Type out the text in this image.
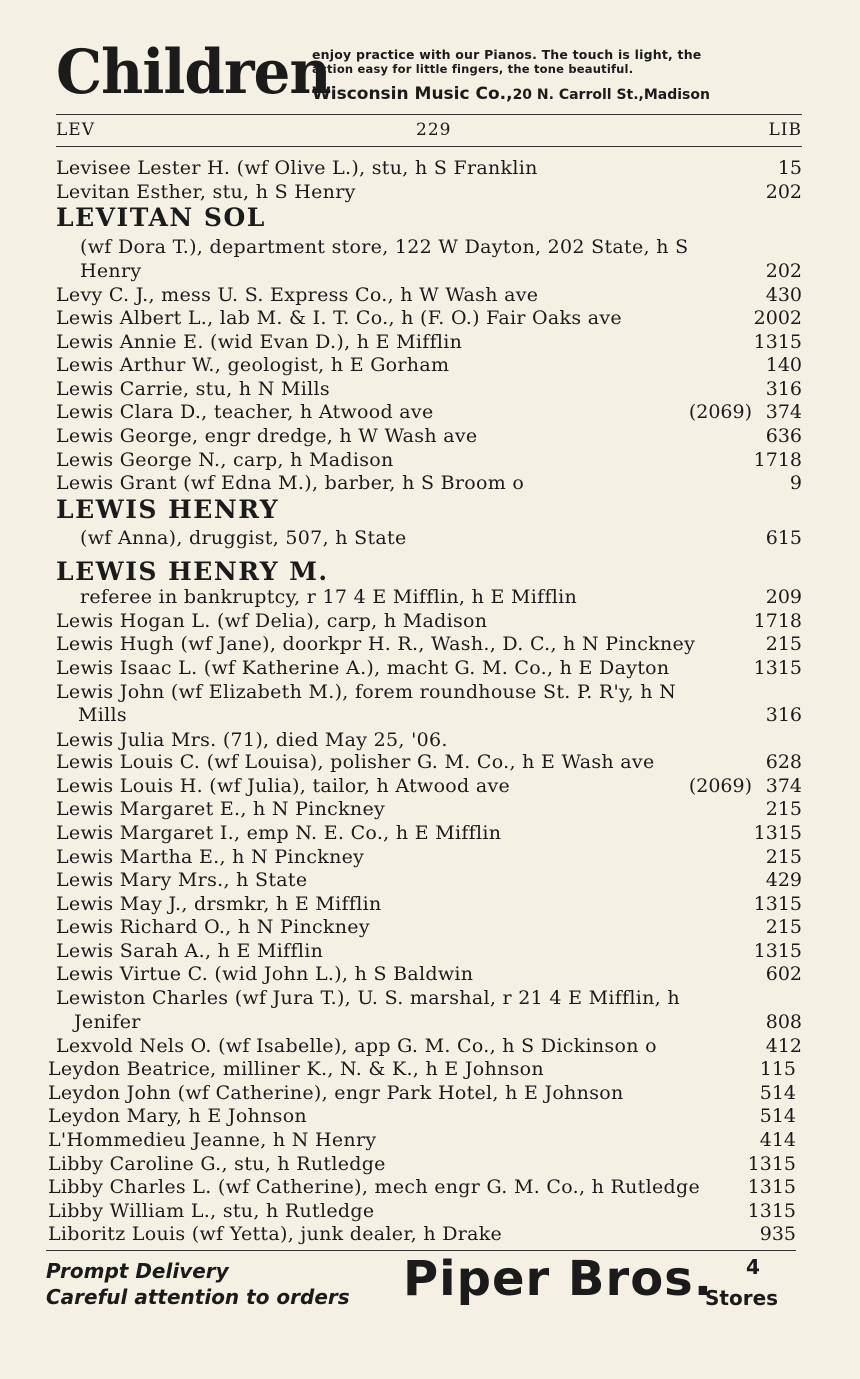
Children
enjoy practice with our Pianos. The touch is light, the
action easy for little fingers, the tone beautiful.
Wisconsin Music Co.,20 N. Carroll St.,Madison
LEV	229	LIB
Levisee Lester H. (wf Olive L.), stu, h S Franklin	15
Levitan Esther, stu, h S Henry	202
LEVITAN SOL
(wf Dora T.), department store, 122 W Dayton, 202 State, h S
Henry	202
Levy C. J., mess U. S. Express Co., h W Wash ave	430
Lewis Albert L., lab M. & I. T. Co., h (F. O.) Fair Oaks ave	2002
Lewis Annie E. (wid Evan D.), h E Mifflin	1315
Lewis Arthur W., geologist, h E Gorham	140
Lewis Carrie, stu, h N Mills	316
Lewis Clara D., teacher, h Atwood ave	(2069) 374
Lewis George, engr dredge, h W Wash ave	636
Lewis George N., carp, h Madison	1718
Lewis Grant (wf Edna M.), barber, h S Broom o	9
LEWIS HENRY
(wf Anna), druggist, 507, h State	615
LEWIS HENRY M.
referee in bankruptcy, r 17 4 E Mifflin, h E Mifflin	209
Lewis Hogan L. (wf Delia), carp, h Madison	1718
Lewis Hugh (wf Jane), doorkpr H. R., Wash., D. C., h N Pinckney	215
Lewis Isaac L. (wf Katherine A.), macht G. M. Co., h E Dayton	1315
Lewis John (wf Elizabeth M.), forem roundhouse St. P. R'y, h N
Mills	316
Lewis Julia Mrs. (71), died May 25, '06.
Lewis Louis C. (wf Louisa), polisher G. M. Co., h E Wash ave	628
Lewis Louis H. (wf Julia), tailor, h Atwood ave	(2069) 374
Lewis Margaret E., h N Pinckney	215
Lewis Margaret I., emp N. E. Co., h E Mifflin	1315
Lewis Martha E., h N Pinckney	215
Lewis Mary Mrs., h State	429
Lewis May J., drsmkr, h E Mifflin	1315
Lewis Richard O., h N Pinckney	215
Lewis Sarah A., h E Mifflin	1315
Lewis Virtue C. (wid John L.), h S Baldwin	602
Lewiston Charles (wf Jura T.), U. S. marshal, r 21 4 E Mifflin, h
Jenifer	808
Lexvold Nels O. (wf Isabelle), app G. M. Co., h S Dickinson o	412
Leydon Beatrice, milliner K., N. & K., h E Johnson	115
Leydon John (wf Catherine), engr Park Hotel, h E Johnson	514
Leydon Mary, h E Johnson	514
L'Hommedieu Jeanne, h N Henry	414
Libby Caroline G., stu, h Rutledge	1315
Libby Charles L. (wf Catherine), mech engr G. M. Co., h Rutledge	1315
Libby William L., stu, h Rutledge	1315
Liboritz Louis (wf Yetta), junk dealer, h Drake	935
Prompt Delivery
Careful attention to orders Piper Bros.	4
Stores
